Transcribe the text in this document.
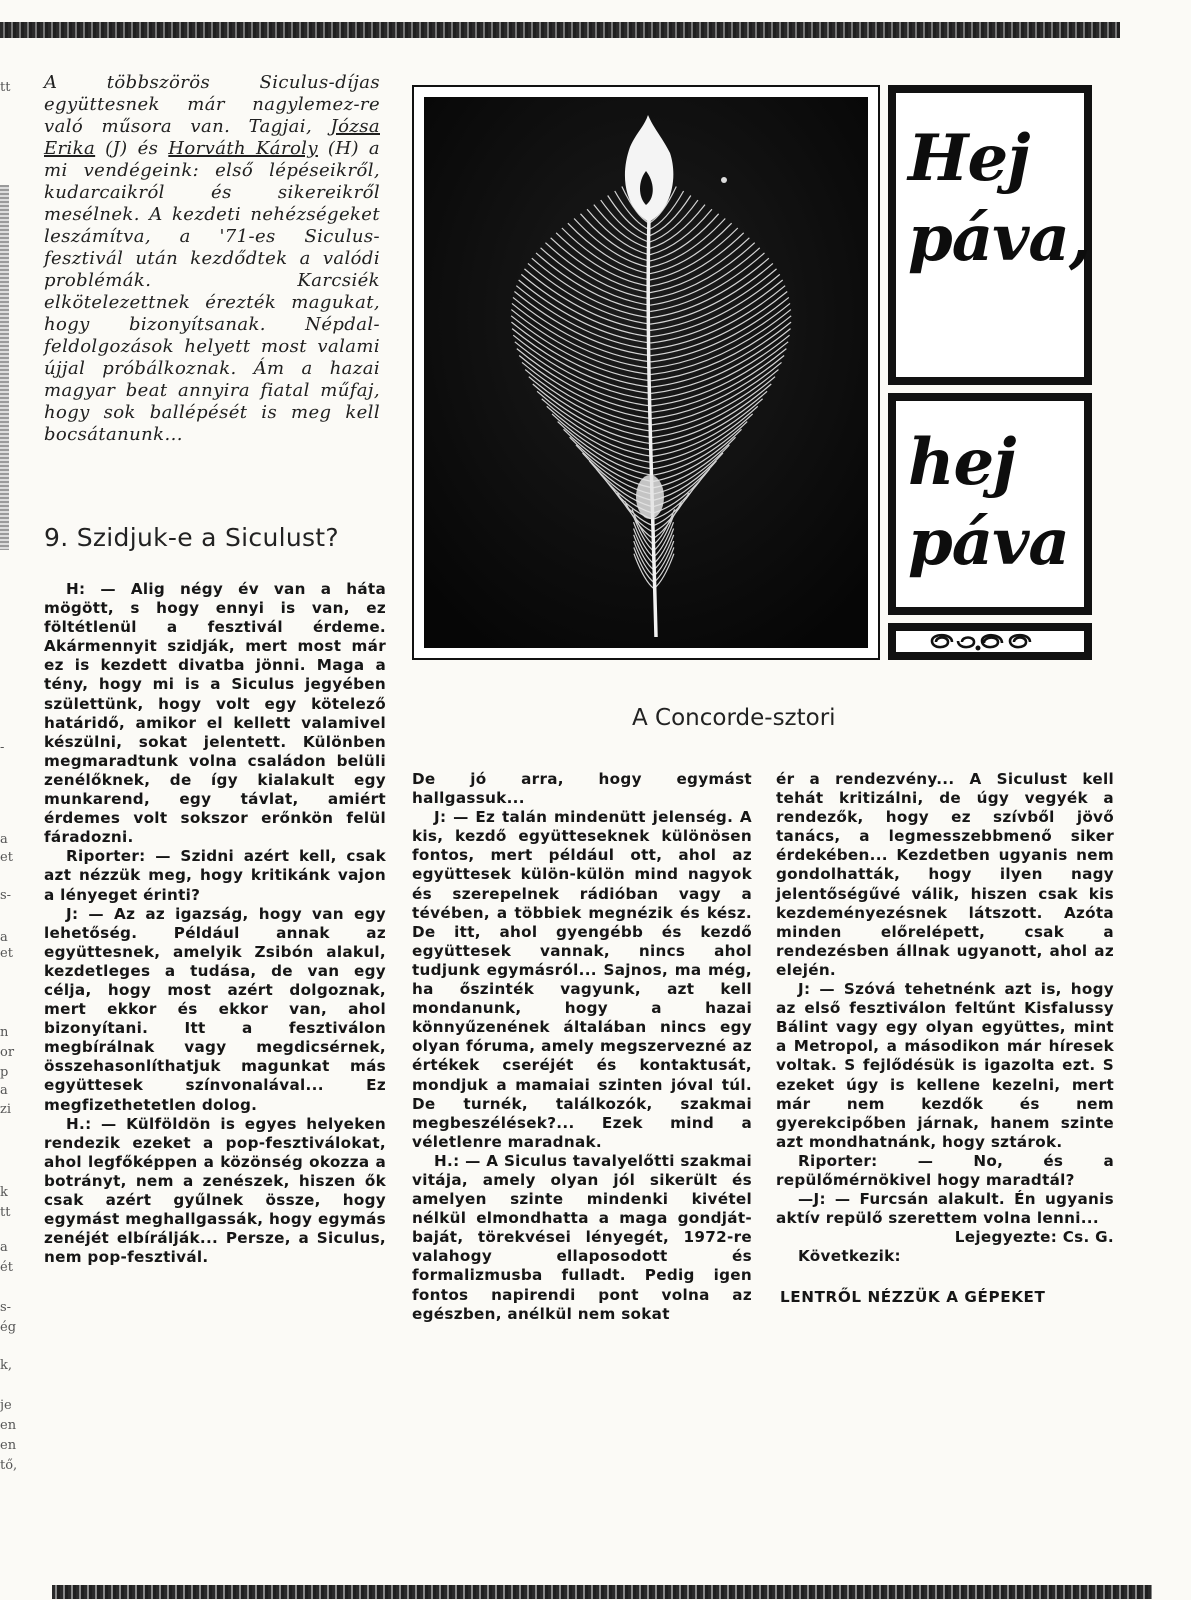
tt
-
a
et
s-
a
et
n
or
p
a
zi
k
tt
a
ét
s-
ég
k,
je
en
en
tő,
A többszörös Siculus-díjas együttesnek már nagylemez-re való műsora van. Tagjai, Józsa Erika (J) és Horváth Károly (H) a mi vendégeink: első lépéseikről, kudarcaikról és sikereikről mesélnek. A kezdeti nehézségeket leszámítva, a '71-es Siculus-fesztivál után kezdődtek a valódi problémák. Karcsiék elkötelezettnek érezték magukat, hogy bizonyítsanak. Népdal-feldolgozások helyett most valami újjal próbálkoznak. Ám a hazai magyar beat annyira fiatal műfaj, hogy sok ballépését is meg kell bocsátanunk...
9. Szidjuk-e a Siculust?

H: — Alig négy év van a háta mögött, s hogy ennyi is van, ez föltétlenül a fesztivál érdeme. Akármennyit szidják, mert most már ez is kezdett divatba jönni. Maga a tény, hogy mi is a Siculus jegyében születtünk, hogy volt egy kötelező határidő, amikor el kellett valamivel készülni, sokat jelentett. Különben megmaradtunk volna családon belüli zenélőknek, de így kialakult egy munkarend, egy távlat, amiért érdemes volt sokszor erőnkön felül fáradozni.

Riporter: — Szidni azért kell, csak azt nézzük meg, hogy kritikánk vajon a lényeget érinti?

J: — Az az igazság, hogy van egy lehetőség. Például annak az együttesnek, amelyik Zsibón alakul, kezdetleges a tudása, de van egy célja, hogy most azért dolgoznak, mert ekkor és ekkor van, ahol bizonyítani. Itt a fesztiválon megbírálnak vagy megdicsérnek, összehasonlíthatjuk magunkat más együttesek színvonalával... Ez megfizethetetlen dolog.

H.: — Külföldön is egyes helyeken rendezik ezeket a pop-fesztiválokat, ahol legfőképpen a közönség okozza a botrányt, nem a zenészek, hiszen ők csak azért gyűlnek össze, hogy egymást meghallgassák, hogy egymás zenéjét elbírálják... Persze, a Siculus, nem pop-fesztivál.

Hej páva,
hej páva
A Concorde-sztori

De jó arra, hogy egymást hallgassuk...

J: — Ez talán mindenütt jelenség. A kis, kezdő együtteseknek különösen fontos, mert például ott, ahol az együttesek külön-külön mind nagyok és szerepelnek rádióban vagy a tévében, a többiek megnézik és kész. De itt, ahol gyengébb és kezdő együttesek vannak, nincs ahol tudjunk egymásról... Sajnos, ma még, ha őszinték vagyunk, azt kell mondanunk, hogy a hazai könnyűzenének általában nincs egy olyan fóruma, amely megszervezné az értékek cseréjét és kontaktusát, mondjuk a mamaiai szinten jóval túl. De turnék, találkozók, szakmai megbeszélések?... Ezek mind a véletlenre maradnak.

H.: — A Siculus tavalyelőtti szakmai vitája, amely olyan jól sikerült és amelyen szinte mindenki kivétel nélkül elmondhatta a maga gondját-baját, törekvései lényegét, 1972-re valahogy ellaposodott és formalizmusba fulladt. Pedig igen fontos napirendi pont volna az egészben, anélkül nem sokat

ér a rendezvény... A Siculust kell tehát kritizálni, de úgy vegyék a rendezők, hogy ez szívből jövő tanács, a legmesszebbmenő siker érdekében... Kezdetben ugyanis nem gondolhatták, hogy ilyen nagy jelentőségűvé válik, hiszen csak kis kezdeményezésnek látszott. Azóta minden előrelépett, csak a rendezésben állnak ugyanott, ahol az elején.

J: — Szóvá tehetnénk azt is, hogy az első fesztiválon feltűnt Kisfalussy Bálint vagy egy olyan együttes, mint a Metropol, a másodikon már híresek voltak. S fejlődésük is igazolta ezt. S ezeket úgy is kellene kezelni, mert már nem kezdők és nem gyerekcipőben járnak, hanem szinte azt mondhatnánk, hogy sztárok.

Riporter: — No, és a repülőmérnökivel hogy maradtál?

—J: — Furcsán alakult. Én ugyanis aktív repülő szerettem volna lenni...

Lejegyezte: Cs. G.

Következik:

LENTRŐL NÉZZÜK A GÉPEKET
